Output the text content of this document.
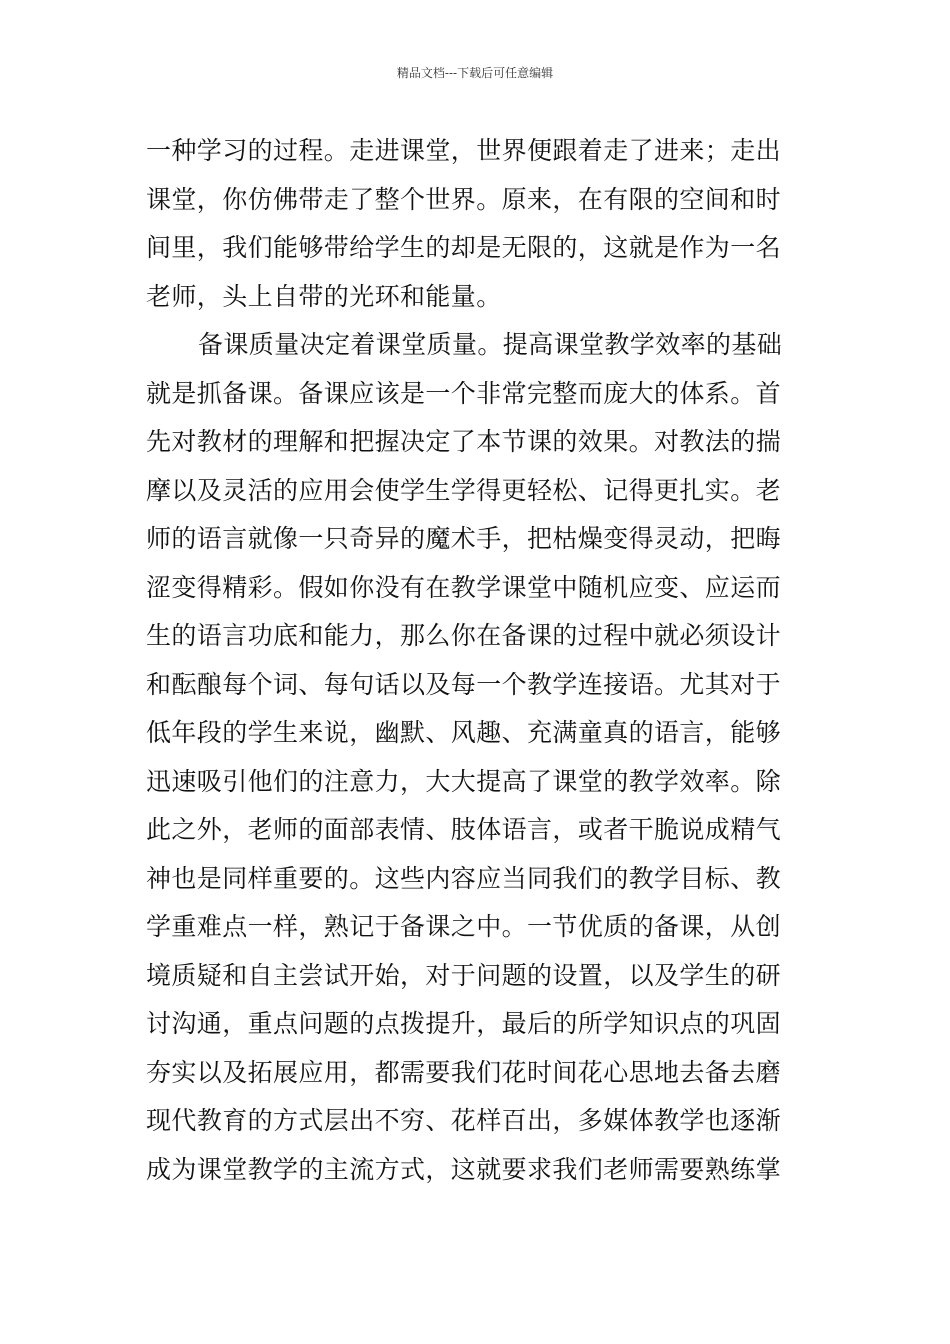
精品文档---下载后可任意编辑
一种学习的过程。走进课堂，世界便跟着走了进来；走出
课堂，你仿佛带走了整个世界。原来，在有限的空间和时
间里，我们能够带给学生的却是无限的，这就是作为一名
老师，头上自带的光环和能量。
备课质量决定着课堂质量。提高课堂教学效率的基础
就是抓备课。备课应该是一个非常完整而庞大的体系。首
先对教材的理解和把握决定了本节课的效果。对教法的揣
摩以及灵活的应用会使学生学得更轻松、记得更扎实。老
师的语言就像一只奇异的魔术手，把枯燥变得灵动，把晦
涩变得精彩。假如你没有在教学课堂中随机应变、应运而
生的语言功底和能力，那么你在备课的过程中就必须设计
和酝酿每个词、每句话以及每一个教学连接语。尤其对于
低年段的学生来说，幽默、风趣、充满童真的语言，能够
迅速吸引他们的注意力，大大提高了课堂的教学效率。除
此之外，老师的面部表情、肢体语言，或者干脆说成精气
神也是同样重要的。这些内容应当同我们的教学目标、教
学重难点一样，熟记于备课之中。一节优质的备课，从创
境质疑和自主尝试开始，对于问题的设置，以及学生的研
讨沟通，重点问题的点拨提升，最后的所学知识点的巩固
夯实以及拓展应用，都需要我们花时间花心思地去备去磨
现代教育的方式层出不穷、花样百出，多媒体教学也逐渐
成为课堂教学的主流方式，这就要求我们老师需要熟练掌
